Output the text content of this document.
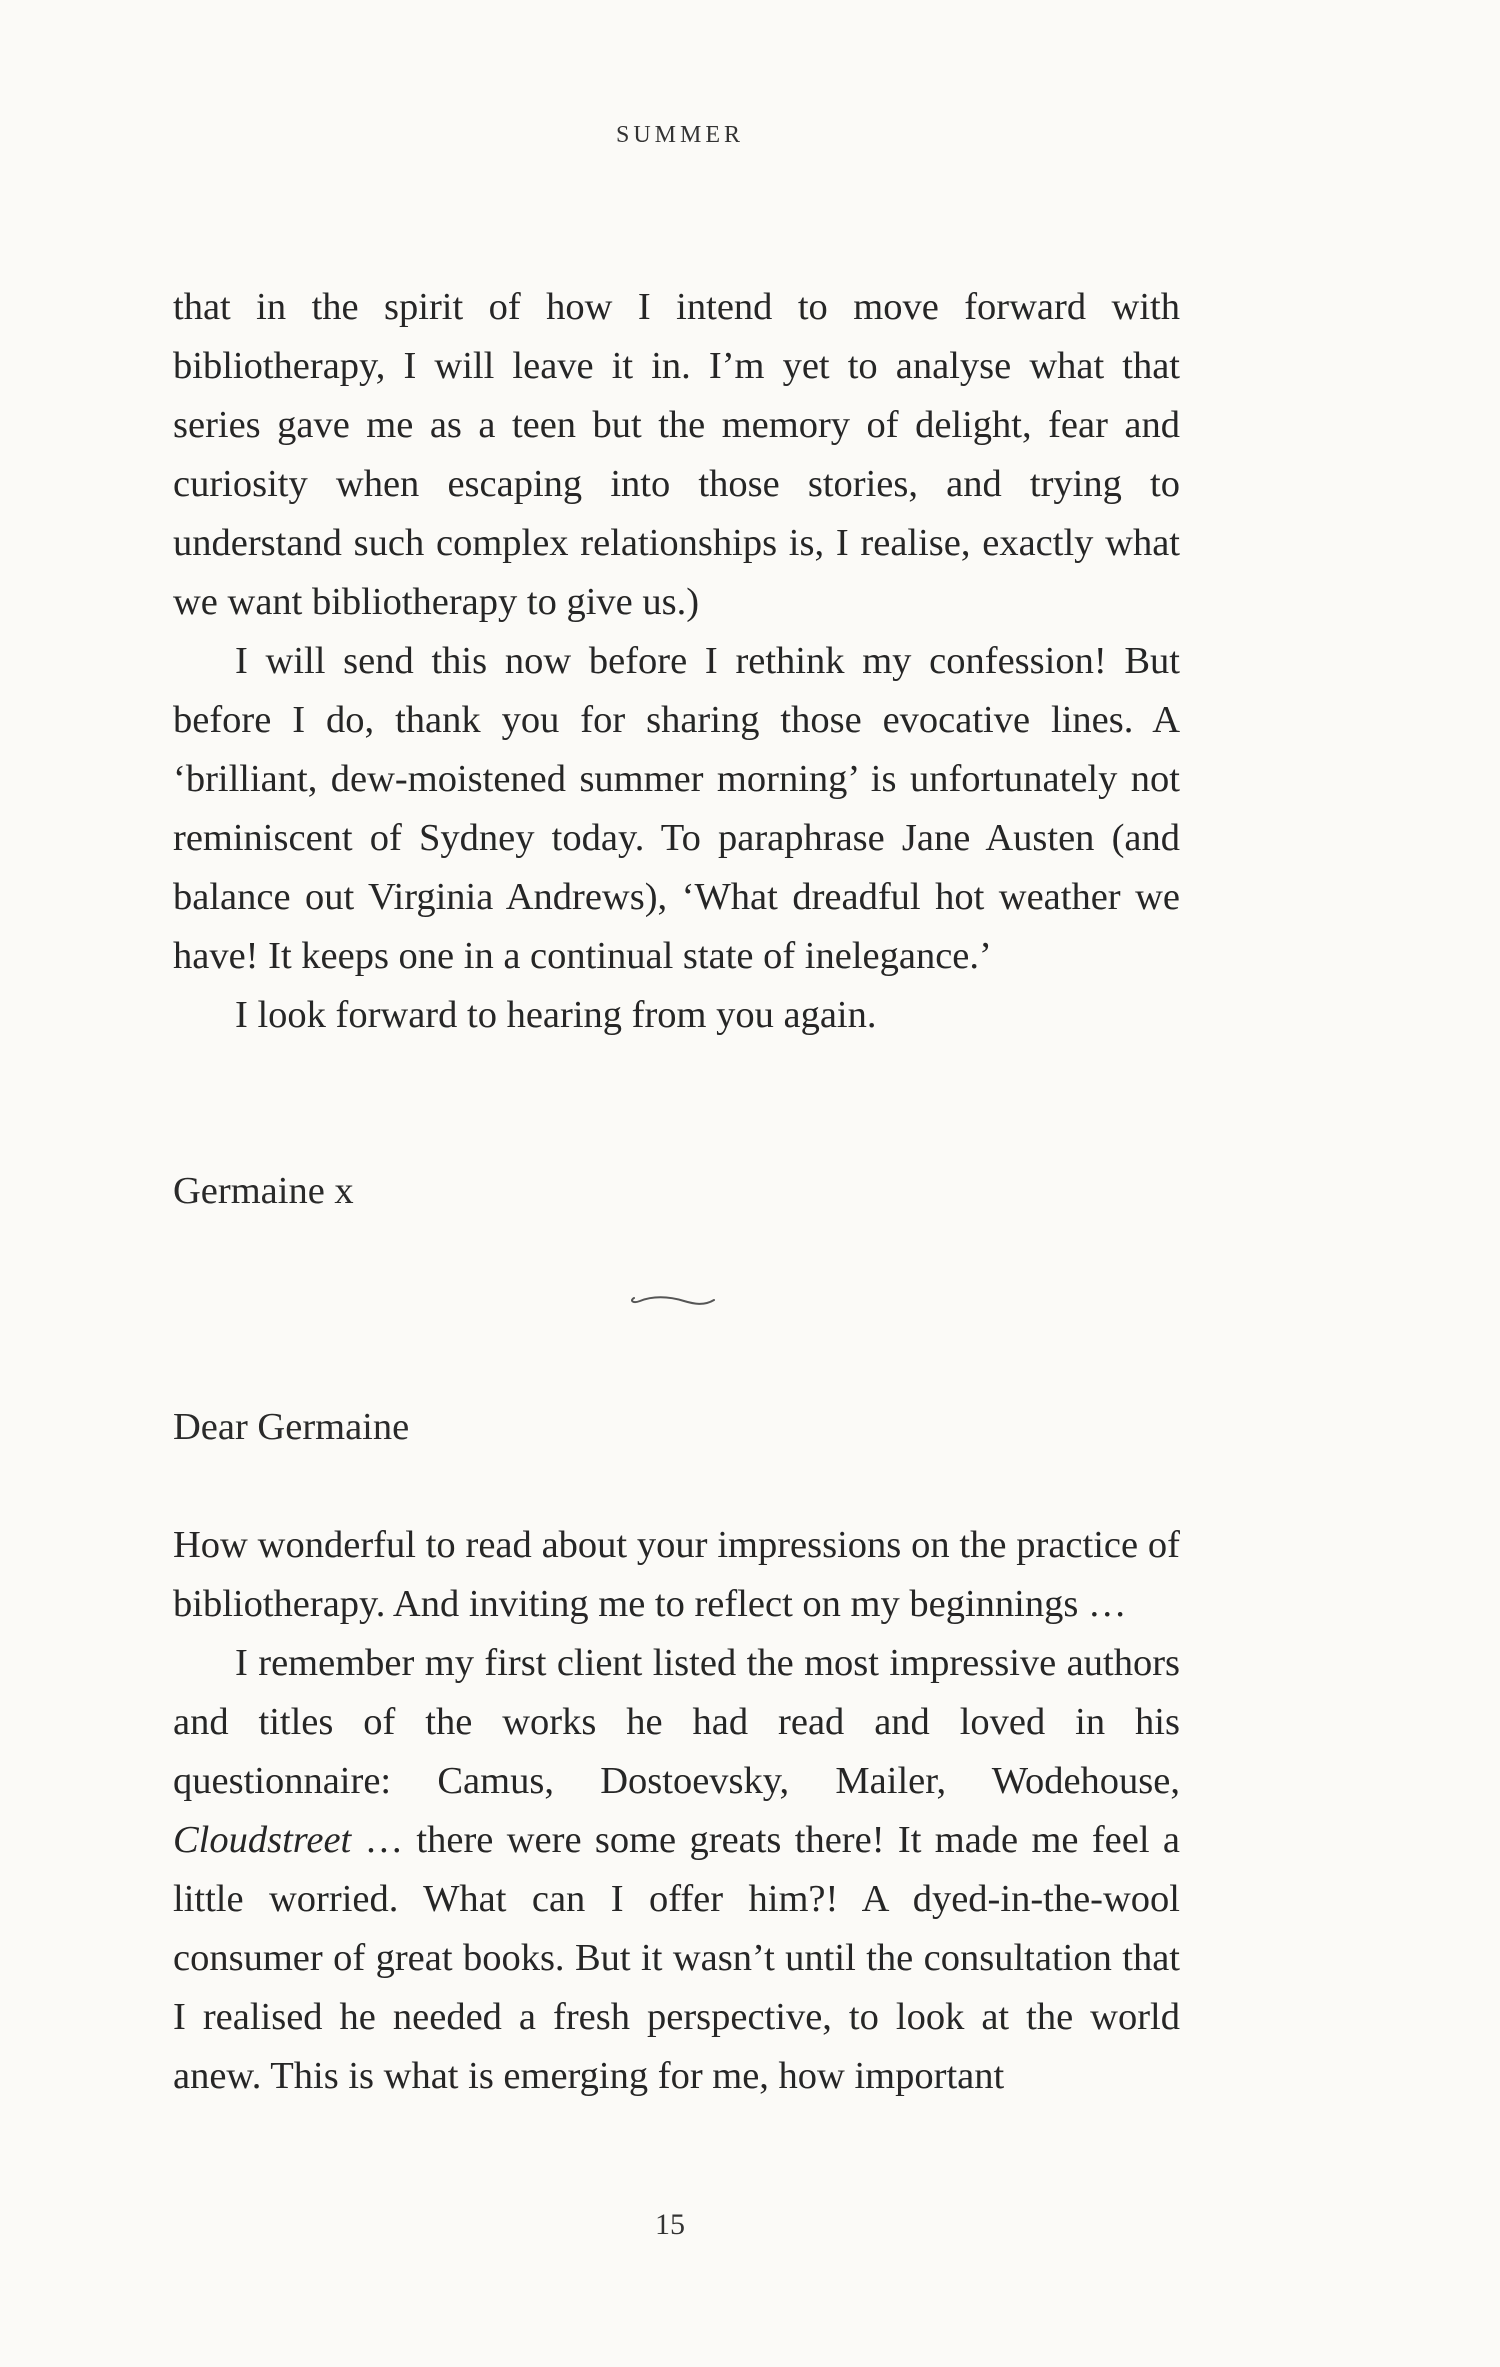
SUMMER

that in the spirit of how I intend to move forward with bibliotherapy, I will leave it in. I’m yet to analyse what that series gave me as a teen but the memory of delight, fear and curiosity when escaping into those stories, and trying to understand such complex relationships is, I realise, exactly what we want bibliotherapy to give us.)

I will send this now before I rethink my confession! But before I do, thank you for sharing those evocative lines. A ‘brilliant, dew-moistened summer morning’ is unfortunately not reminiscent of Sydney today. To paraphrase Jane Austen (and balance out Virginia Andrews), ‘What dreadful hot weather we have! It keeps one in a continual state of inelegance.’

I look forward to hearing from you again.

Germaine x
Dear Germaine

How wonderful to read about your impressions on the practice of bibliotherapy. And inviting me to reflect on my beginnings …

I remember my first client listed the most impressive authors and titles of the works he had read and loved in his questionnaire: Camus, Dostoevsky, Mailer, Wodehouse, Cloudstreet … there were some greats there! It made me feel a little worried. What can I offer him?! A dyed-in-the-wool consumer of great books. But it wasn’t until the consultation that I realised he needed a fresh perspective, to look at the world anew. This is what is emerging for me, how important

15
